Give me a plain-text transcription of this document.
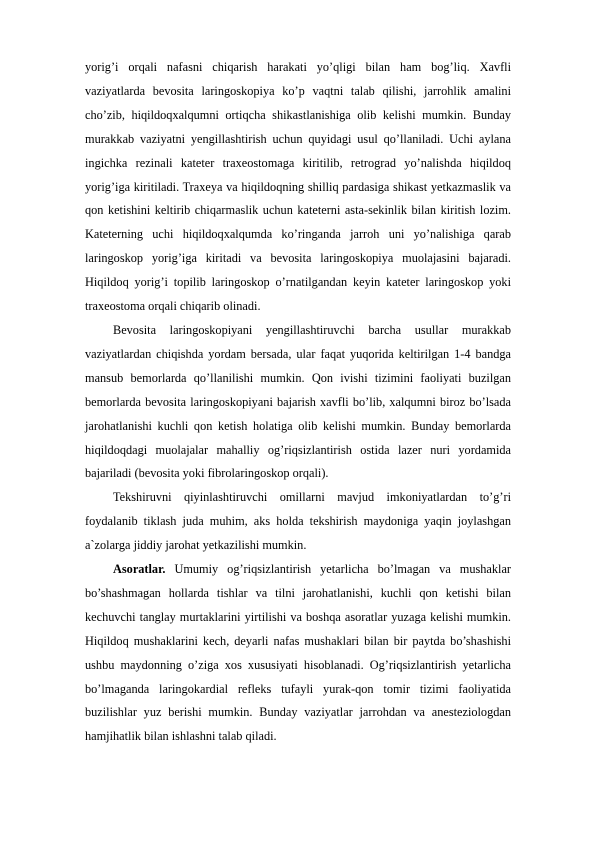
yorig’i orqali nafasni chiqarish harakati yo’qligi bilan ham bog’liq. Xavfli vaziyatlarda bevosita laringoskopiya ko’p vaqtni talab qilishi, jarrohlik amalini cho’zib, hiqildoqxalqumni ortiqcha shikastlanishiga olib kelishi mumkin. Bunday murakkab vaziyatni yengillashtirish uchun quyidagi usul qo’llaniladi. Uchi aylana ingichka rezinali kateter traxeostomaga kiritilib, retrograd yo’nalishda hiqildoq yorig’iga kiritiladi. Traxeya va hiqildoqning shilliq pardasiga shikast yetkazmaslik va qon ketishini keltirib chiqarmaslik uchun kateterni asta-sekinlik bilan kiritish lozim. Kateterning uchi hiqildoqxalqumda ko’ringanda jarroh uni yo’nalishiga qarab laringoskop yorig’iga kiritadi va bevosita laringoskopiya muolajasini bajaradi. Hiqildoq yorig’i topilib laringoskop o’rnatilgandan keyin kateter laringoskop yoki traxeostoma orqali chiqarib olinadi.

Bevosita laringoskopiyani yengillashtiruvchi barcha usullar murakkab vaziyatlardan chiqishda yordam bersada, ular faqat yuqorida keltirilgan 1-4 bandga mansub bemorlarda qo’llanilishi mumkin. Qon ivishi tizimini faoliyati buzilgan bemorlarda bevosita laringoskopiyani bajarish xavfli bo’lib, xalqumni biroz bo’lsada jarohatlanishi kuchli qon ketish holatiga olib kelishi mumkin. Bunday bemorlarda hiqildoqdagi muolajalar mahalliy og’riqsizlantirish ostida lazer nuri yordamida bajariladi (bevosita yoki fibrolaringoskop orqali).

Tekshiruvni qiyinlashtiruvchi omillarni mavjud imkoniyatlardan to’g’ri foydalanib tiklash juda muhim, aks holda tekshirish maydoniga yaqin joylashgan a`zolarga jiddiy jarohat yetkazilishi mumkin.

Asoratlar. Umumiy og’riqsizlantirish yetarlicha bo’lmagan va mushaklar bo’shashmagan hollarda tishlar va tilni jarohatlanishi, kuchli qon ketishi bilan kechuvchi tanglay murtaklarini yirtilishi va boshqa asoratlar yuzaga kelishi mumkin. Hiqildoq mushaklarini kech, deyarli nafas mushaklari bilan bir paytda bo’shashishi ushbu maydonning o’ziga xos xususiyati hisoblanadi. Og’riqsizlantirish yetarlicha bo’lmaganda laringokardial refleks tufayli yurak-qon tomir tizimi faoliyatida buzilishlar yuz berishi mumkin. Bunday vaziyatlar jarrohdan va anesteziologdan hamjihatlik bilan ishlashni talab qiladi.
